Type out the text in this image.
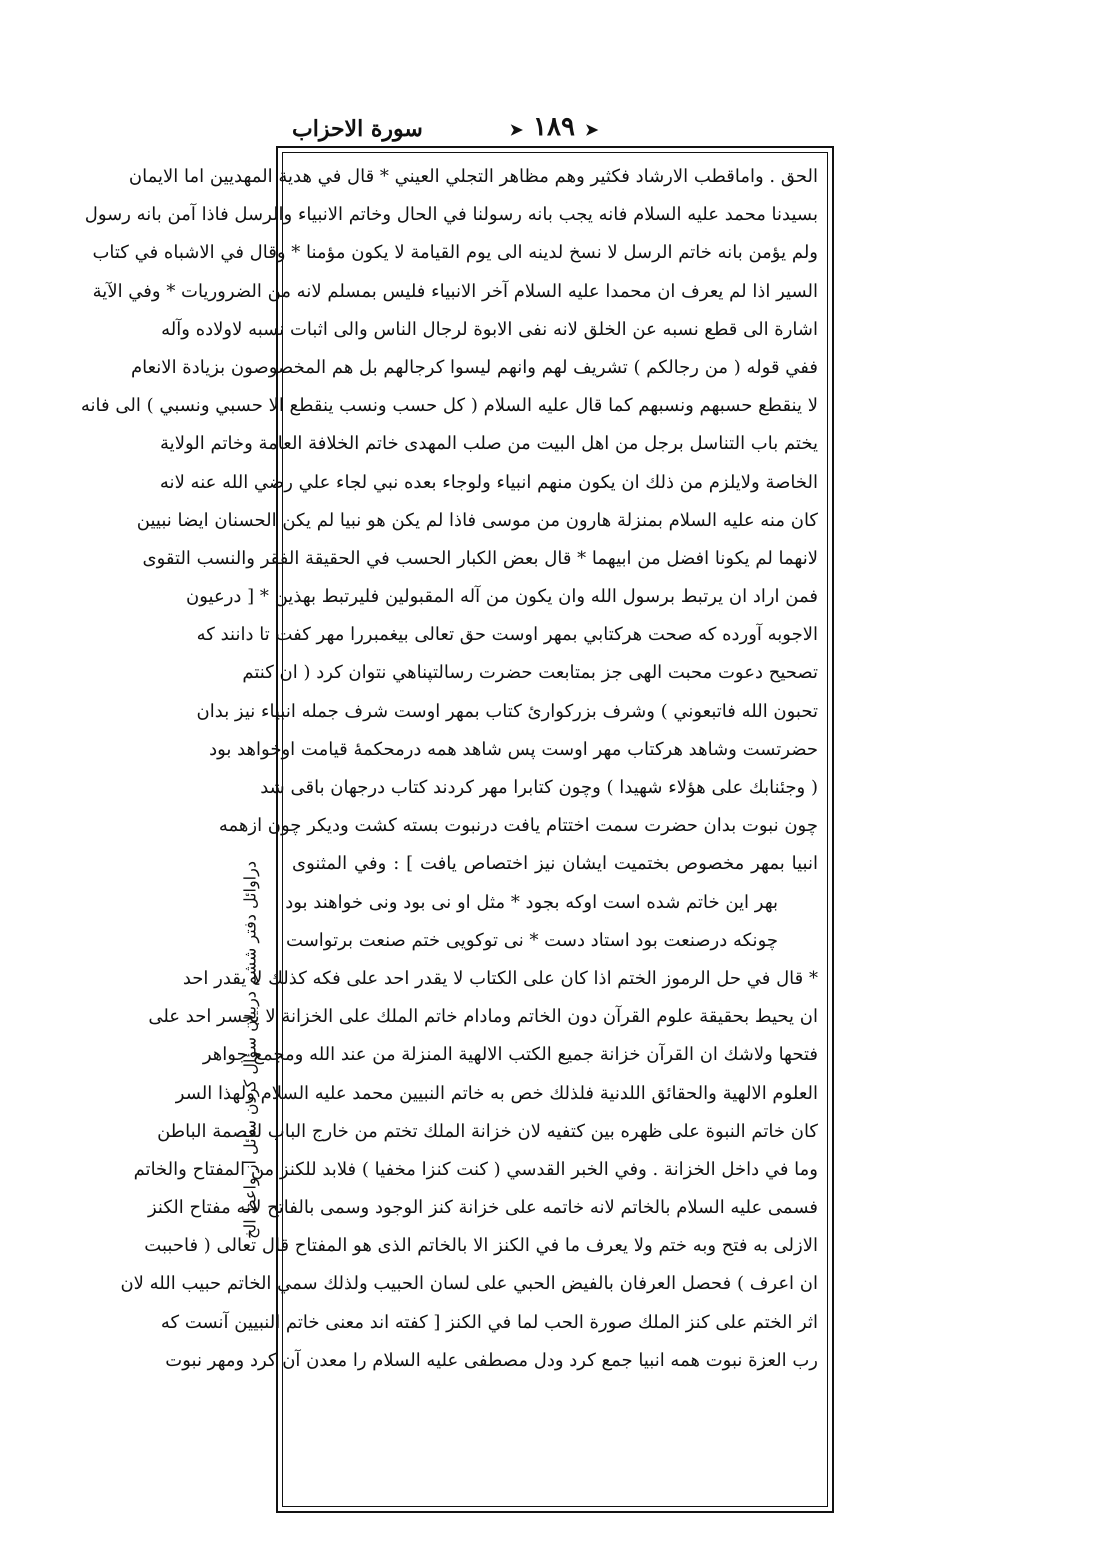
➤١٨٩➤
سورة الاحزاب
الحق . واماقطب الارشاد فكثير وهم مظاهر التجلي العيني * قال في هدية المهديين اما الايمان
بسيدنا محمد عليه السلام فانه يجب بانه رسولنا في الحال وخاتم الانبياء والرسل فاذا آمن بانه رسول
ولم يؤمن بانه خاتم الرسل لا نسخ لدينه الى يوم القيامة لا يكون مؤمنا * وقال في الاشباه في كتاب
السير اذا لم يعرف ان محمدا عليه السلام آخر الانبياء فليس بمسلم لانه من الضروريات * وفي الآية
اشارة الى قطع نسبه عن الخلق لانه نفى الابوة لرجال الناس والى اثبات نسبه لاولاده وآله
ففي قوله ( من رجالكم ) تشريف لهم وانهم ليسوا كرجالهم بل هم المخصوصون بزيادة الانعام
لا ينقطع حسبهم ونسبهم كما قال عليه السلام ( كل حسب ونسب ينقطع الا حسبي ونسبي ) الى فانه
يختم باب التناسل برجل من اهل البيت من صلب المهدى خاتم الخلافة العامة وخاتم الولاية
الخاصة ولايلزم من ذلك ان يكون منهم انبياء ولوجاء بعده نبي لجاء علي رضي الله عنه لانه
كان منه عليه السلام بمنزلة هارون من موسى فاذا لم يكن هو نبيا لم يكن الحسنان ايضا نبيين
لانهما لم يكونا افضل من ابيهما * قال بعض الكبار الحسب في الحقيقة الفقر والنسب التقوى
فمن اراد ان يرتبط برسول الله وان يكون من آله المقبولين فليرتبط بهذين * [ درعيون
الاجوبه آورده كه صحت هركتابي بمهر اوست حق تعالى بيغمبررا مهر كفت تا دانند كه
تصحيح دعوت محبت الهى جز بمتابعت حضرت رسالتپناهي نتوان كرد ( ان كنتم
تحبون الله فاتبعوني ) وشرف بزركوارئ كتاب بمهر اوست شرف جمله انبياء نيز بدان
حضرتست وشاهد هركتاب مهر اوست پس شاهد همه درمحكمهٔ قيامت اوخواهد بود
( وجئنابك على هؤلاء شهيدا ) وچون كتابرا مهر كردند كتاب درجهان باقى شد
چون نبوت بدان حضرت سمت اختتام يافت درنبوت بسته كشت وديكر چون ازهمه
انبيا بمهر مخصوص بختميت ايشان نيز اختصاص يافت ] : وفي المثنوى
بهر اين خاتم شده است اوكه بجود * مثل او نى بود ونى خواهند بود
چونكه درصنعت بود استاد دست * نى توكويى ختم صنعت برتواست
* قال في حل الرموز الختم اذا كان على الكتاب لا يقدر احد على فكه كذلك لا يقدر احد
ان يحيط بحقيقة علوم القرآن دون الخاتم ومادام خاتم الملك على الخزانة لا يجسر احد على
فتحها ولاشك ان القرآن خزانة جميع الكتب الالهية المنزلة من عند الله ومجمع جواهر
العلوم الالهية والحقائق اللدنية فلذلك خص به خاتم النبيين محمد عليه السلام ولهذا السر
كان خاتم النبوة على ظهره بين كتفيه لان خزانة الملك تختم من خارج الباب لعصمة الباطن
وما في داخل الخزانة . وفي الخبر القدسي ( كنت كنزا مخفيا ) فلابد للكنز من المفتاح والخاتم
فسمى عليه السلام بالخاتم لانه خاتمه على خزانة كنز الوجود وسمى بالفاتح لانه مفتاح الكنز
الازلى به فتح وبه ختم ولا يعرف ما في الكنز الا بالخاتم الذى هو المفتاح قال تعالى ( فاحببت
ان اعرف ) فحصل العرفان بالفيض الحبي على لسان الحبيب ولذلك سمي الخاتم حبيب الله لان
اثر الختم على كنز الملك صورة الحب لما في الكنز [ كفته اند معنى خاتم النبيين آنست كه
رب العزة نبوت همه انبيا جمع كرد ودل مصطفى عليه السلام را معدن آن كرد ومهر نبوت
دراوائل دفتر ششم دربيان سؤال كردن سائل از واعظ الخ
